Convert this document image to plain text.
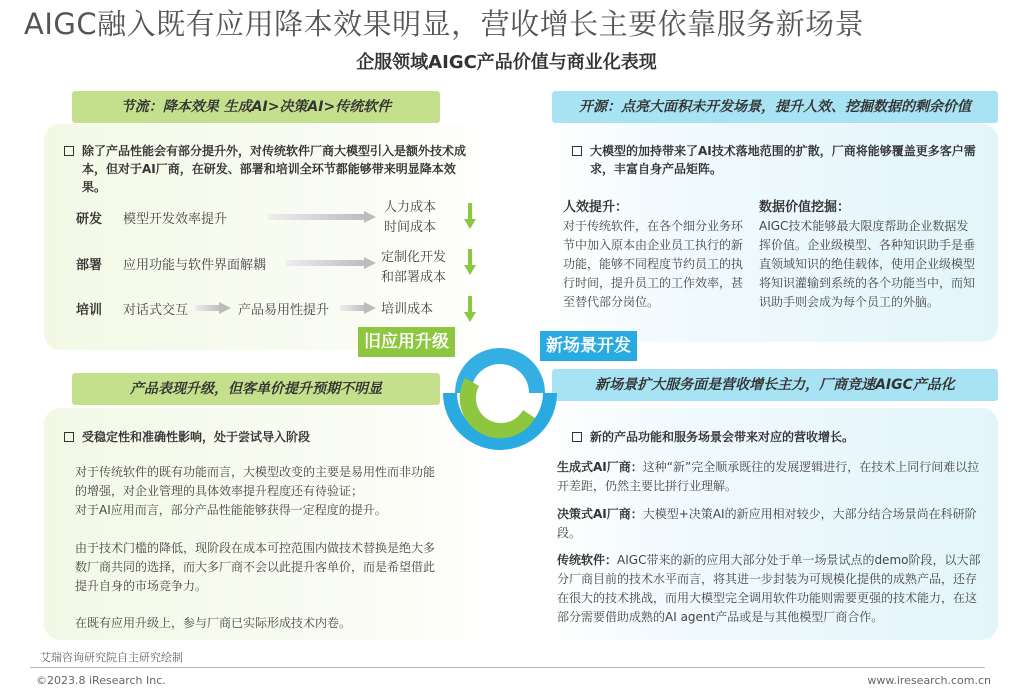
AIGC融入既有应用降本效果明显，营收增长主要依靠服务新场景
企服领域AIGC产品价值与商业化表现
节流：降本效果 生成AI>决策AI>传统软件	开源：点亮大面积未开发场景，提升人效、挖掘数据的剩余价值
产品表现升级，但客单价提升预期不明显	新场景扩大服务面是营收增长主力，厂商竞速AIGC产品化
除了产品性能会有部分提升外，对传统软件厂商大模型引入是额外技术成本，但对于AI厂商，在研发、部署和培训全环节都能够带来明显降本效果。
研发 模型开发效率提升
人力成本
时间成本
部署 应用功能与软件界面解耦
定制化开发
和部署成本
培训 对话式交互	产品易用性提升	培训成本
大模型的加持带来了AI技术落地范围的扩散，厂商将能够覆盖更多客户需求，丰富自身产品矩阵。
人效提升：
对于传统软件，在各个细分业务环节中加入原本由企业员工执行的新功能，能够不同程度节约员工的执行时间，提升员工的工作效率，甚至替代部分岗位。
数据价值挖掘：
AIGC技术能够最大限度帮助企业数据发挥价值。企业级模型、各种知识助手是垂直领域知识的绝佳载体，使用企业级模型将知识灌输到系统的各个功能当中，而知识助手则会成为每个员工的外脑。
旧应用升级	新场景开发
受稳定性和准确性影响，处于尝试导入阶段
对于传统软件的既有功能而言，大模型改变的主要是易用性而非功能的增强，对企业管理的具体效率提升程度还有待验证；
对于AI应用而言，部分产品性能能够获得一定程度的提升。
由于技术门槛的降低，现阶段在成本可控范围内做技术替换是绝大多数厂商共同的选择，而大多厂商不会以此提升客单价，而是希望借此提升自身的市场竞争力。
在既有应用升级上，参与厂商已实际形成技术内卷。
新的产品功能和服务场景会带来对应的营收增长。
生成式AI厂商：这种“新”完全顺承既往的发展逻辑进行，在技术上同行间难以拉开差距，仍然主要比拼行业理解。
决策式AI厂商：大模型+决策AI的新应用相对较少，大部分结合场景尚在科研阶段。
传统软件：AIGC带来的新的应用大部分处于单一场景试点的demo阶段，以大部分厂商目前的技术水平而言，将其进一步封装为可规模化提供的成熟产品，还存在很大的技术挑战，而用大模型完全调用软件功能则需要更强的技术能力，在这部分需要借助成熟的AI agent产品或是与其他模型厂商合作。
艾瑞咨询研究院自主研究绘制
©2023.8 iResearch Inc.	www.iresearch.com.cn
